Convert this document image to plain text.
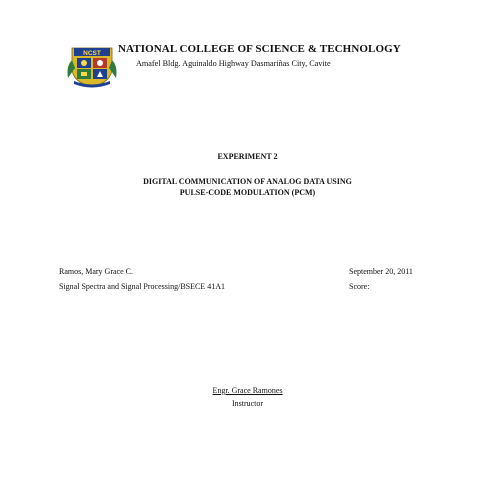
NCST NATIONAL COLLEGE OF SCIENCE & TECHNOLOGY
Amafel Bldg. Aguinaldo Highway Dasmariñas City, Cavite
EXPERIMENT 2
DIGITAL COMMUNICATION OF ANALOG DATA USING
PULSE-CODE MODULATION (PCM)
Ramos, Mary Grace C.
Signal Spectra and Signal Processing/BSECE 41A1
September 20, 2011
Score:
Engr. Grace Ramones
Instructor
